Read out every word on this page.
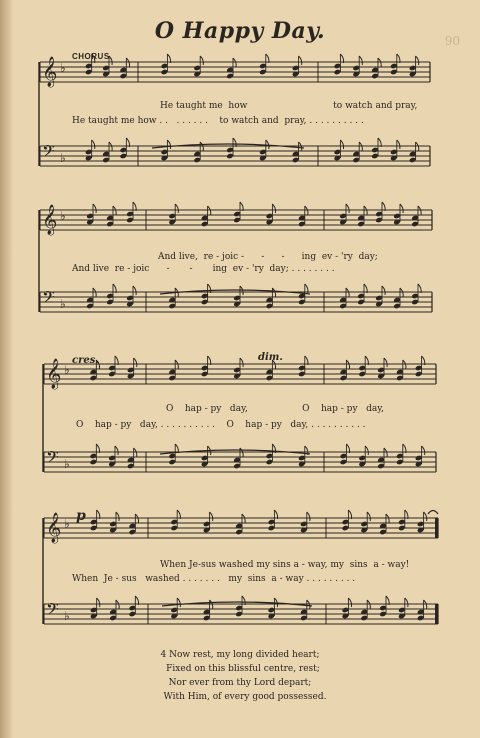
O Happy Day.	90
CHORUS.
cres.	dim.
p
He taught me  how                              to watch and pray,
He taught me how . .   . . . . . .    to watch and  pray, . . . . . . . . . .
And live,  re - joic -      -      -      ing  ev - 'ry  day;
And live  re - joic      -       -       ing  ev - 'ry  day; . . . . . . . .
O    hap - py   day,                   O    hap - py   day,
O    hap - py   day, . . . . . . . . . .    O    hap - py   day, . . . . . . . . . .
When Je-sus washed my sins a - way, my  sins  a - way!
When  Je - sus   washed . . . . . . .   my  sins  a - way . . . . . . . . .
𝄞 ♭
𝄢 ♭
𝄞 ♭
𝄢 ♭
𝄞 ♭
𝄢 ♭
𝄞 ♭
𝄢 ♭
4 Now rest, my long divided heart;
Fixed on this blissful centre, rest;
Nor ever from thy Lord depart;
With Him, of every good possessed.
